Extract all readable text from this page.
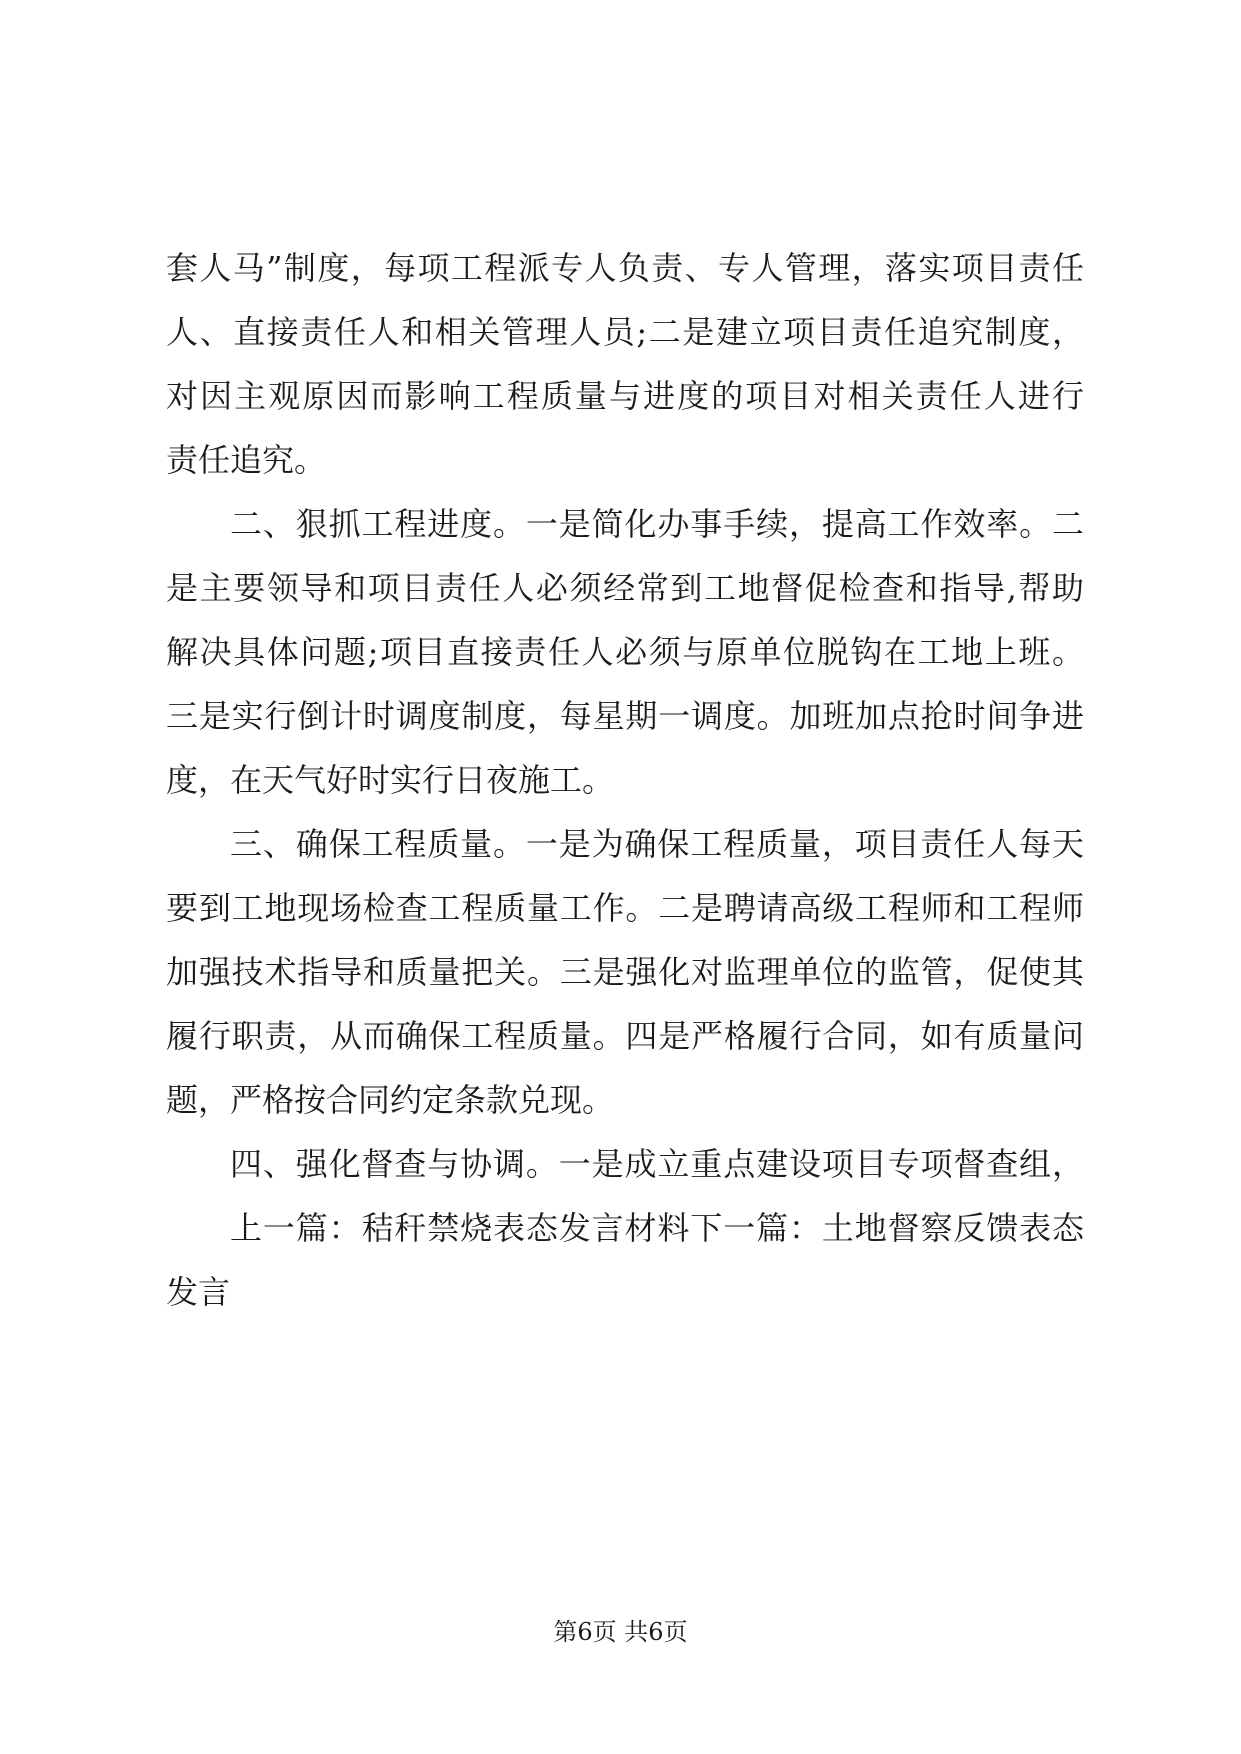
套人马”制度，每项工程派专人负责、专人管理，落实项目责任
人、直接责任人和相关管理人员;二是建立项目责任追究制度，
对因主观原因而影响工程质量与进度的项目对相关责任人进行
责任追究。
二、狠抓工程进度。一是简化办事手续，提高工作效率。二
是主要领导和项目责任人必须经常到工地督促检查和指导,帮助
解决具体问题;项目直接责任人必须与原单位脱钩在工地上班。
三是实行倒计时调度制度，每星期一调度。加班加点抢时间争进
度，在天气好时实行日夜施工。
三、确保工程质量。一是为确保工程质量，项目责任人每天
要到工地现场检查工程质量工作。二是聘请高级工程师和工程师
加强技术指导和质量把关。三是强化对监理单位的监管，促使其
履行职责，从而确保工程质量。四是严格履行合同，如有质量问
题，严格按合同约定条款兑现。
四、强化督查与协调。一是成立重点建设项目专项督查组，
上一篇：秸秆禁烧表态发言材料下一篇：土地督察反馈表态
发言
第6页 共6页
